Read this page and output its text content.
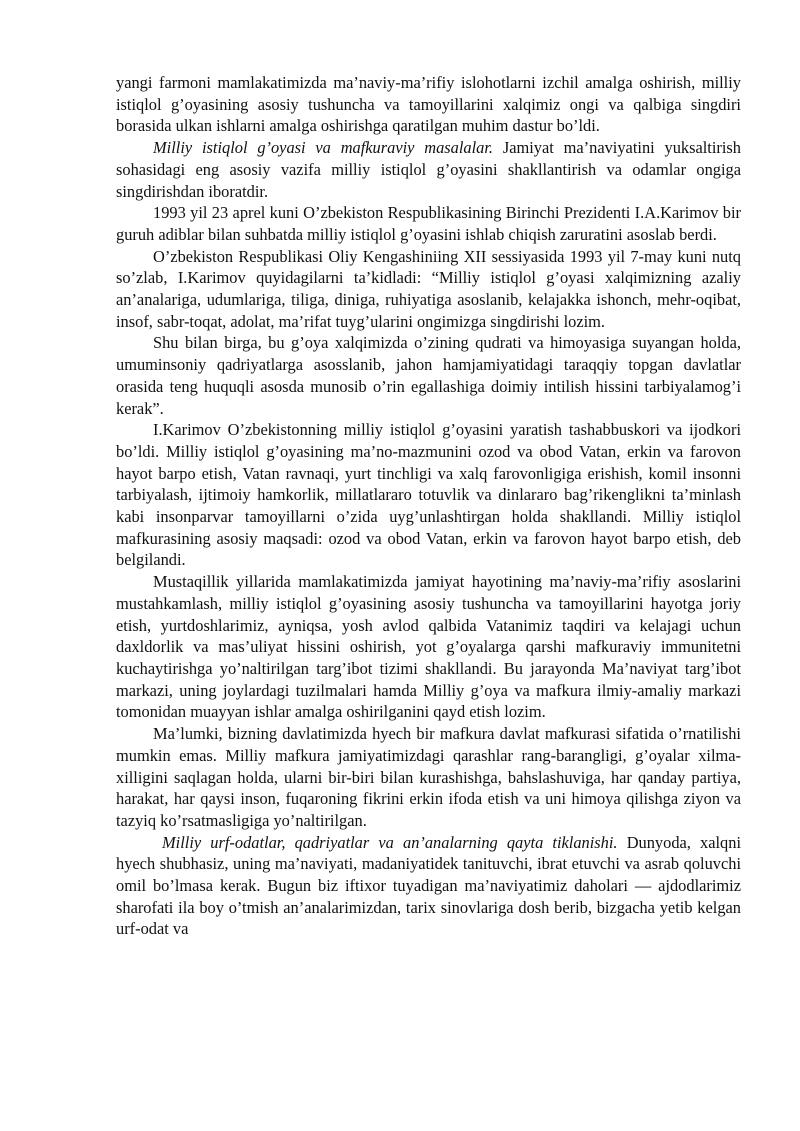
yangi farmoni mamlakatimizda ma’naviy-ma’rifiy islohotlarni izchil amalga oshirish, milliy istiqlol g’oyasining asosiy tushuncha va tamoyillarini xalqimiz ongi va qalbiga singdiri borasida ulkan ishlarni amalga oshirishga qaratilgan muhim dastur bo’ldi.

Milliy istiqlol g’oyasi va mafkuraviy masalalar. Jamiyat ma’naviyatini yuksaltirish sohasidagi eng asosiy vazifa milliy istiqlol g’oyasini shakllantirish va odamlar ongiga singdirishdan iboratdir.

1993 yil 23 aprel kuni O’zbekiston Respublikasining Birinchi Prezidenti I.A.Karimov bir guruh adiblar bilan suhbatda milliy istiqlol g’oyasini ishlab chiqish zaruratini asoslab berdi.

O’zbekiston Respublikasi Oliy Kengashiniing XII sessiyasida 1993 yil 7-may kuni nutq so’zlab, I.Karimov quyidagilarni ta’kidladi: “Milliy istiqlol g’oyasi xalqimizning azaliy an’analariga, udumlariga, tiliga, diniga, ruhiyatiga asoslanib, kelajakka ishonch, mehr-oqibat, insof, sabr-toqat, adolat, ma’rifat tuyg’ularini ongimizga singdirishi lozim.

Shu bilan birga, bu g’oya xalqimizda o’zining qudrati va himoyasiga suyangan holda, umuminsoniy qadriyatlarga asosslanib, jahon hamjamiyatidagi taraqqiy topgan davlatlar orasida teng huquqli asosda munosib o’rin egallashiga doimiy intilish hissini tarbiyalamog’i kerak”.

I.Karimov O’zbekistonning milliy istiqlol g’oyasini yaratish tashabbuskori va ijodkori bo’ldi. Milliy istiqlol g’oyasining ma’no-mazmunini ozod va obod Vatan, erkin va farovon hayot barpo etish, Vatan ravnaqi, yurt tinchligi va xalq farovonligiga erishish, komil insonni tarbiyalash, ijtimoiy hamkorlik, millatlararo totuvlik va dinlararo bag’rikenglikni ta’minlash kabi insonparvar tamoyillarni o’zida uyg’unlashtirgan holda shakllandi. Milliy istiqlol mafkurasining asosiy maqsadi: ozod va obod Vatan, erkin va farovon hayot barpo etish, deb belgilandi.

Mustaqillik yillarida mamlakatimizda jamiyat hayotining ma’naviy-ma’rifiy asoslarini mustahkamlash, milliy istiqlol g’oyasining asosiy tushuncha va tamoyillarini hayotga joriy etish, yurtdoshlarimiz, ayniqsa, yosh avlod qalbida Vatanimiz taqdiri va kelajagi uchun daxldorlik va mas’uliyat hissini oshirish, yot g’oyalarga qarshi mafkuraviy immunitetni kuchaytirishga yo’naltirilgan targ’ibot tizimi shakllandi. Bu jarayonda Ma’naviyat targ’ibot markazi, uning joylardagi tuzilmalari hamda Milliy g’oya va mafkura ilmiy-amaliy markazi tomonidan muayyan ishlar amalga oshirilganini qayd etish lozim.

Ma’lumki, bizning davlatimizda hyech bir mafkura davlat mafkurasi sifatida o’rnatilishi mumkin emas. Milliy mafkura jamiyatimizdagi qarashlar rang-barangligi, g’oyalar xilma-xilligini saqlagan holda, ularni bir-biri bilan kurashishga, bahslashuviga, har qanday partiya, harakat, har qaysi inson, fuqaroning fikrini erkin ifoda etish va uni himoya qilishga ziyon va tazyiq ko’rsatmasligiga yo’naltirilgan.

Milliy urf-odatlar, qadriyatlar va an’analarning qayta tiklanishi. Dunyoda, xalqni hyech shubhasiz, uning ma’naviyati, madaniyatidek tanituvchi, ibrat etuvchi va asrab qoluvchi omil bo’lmasa kerak. Bugun biz iftixor tuyadigan ma’naviyatimiz daholari — ajdodlarimiz sharofati ila boy o’tmish an’analarimizdan, tarix sinovlariga dosh berib, bizgacha yetib kelgan urf-odat va
